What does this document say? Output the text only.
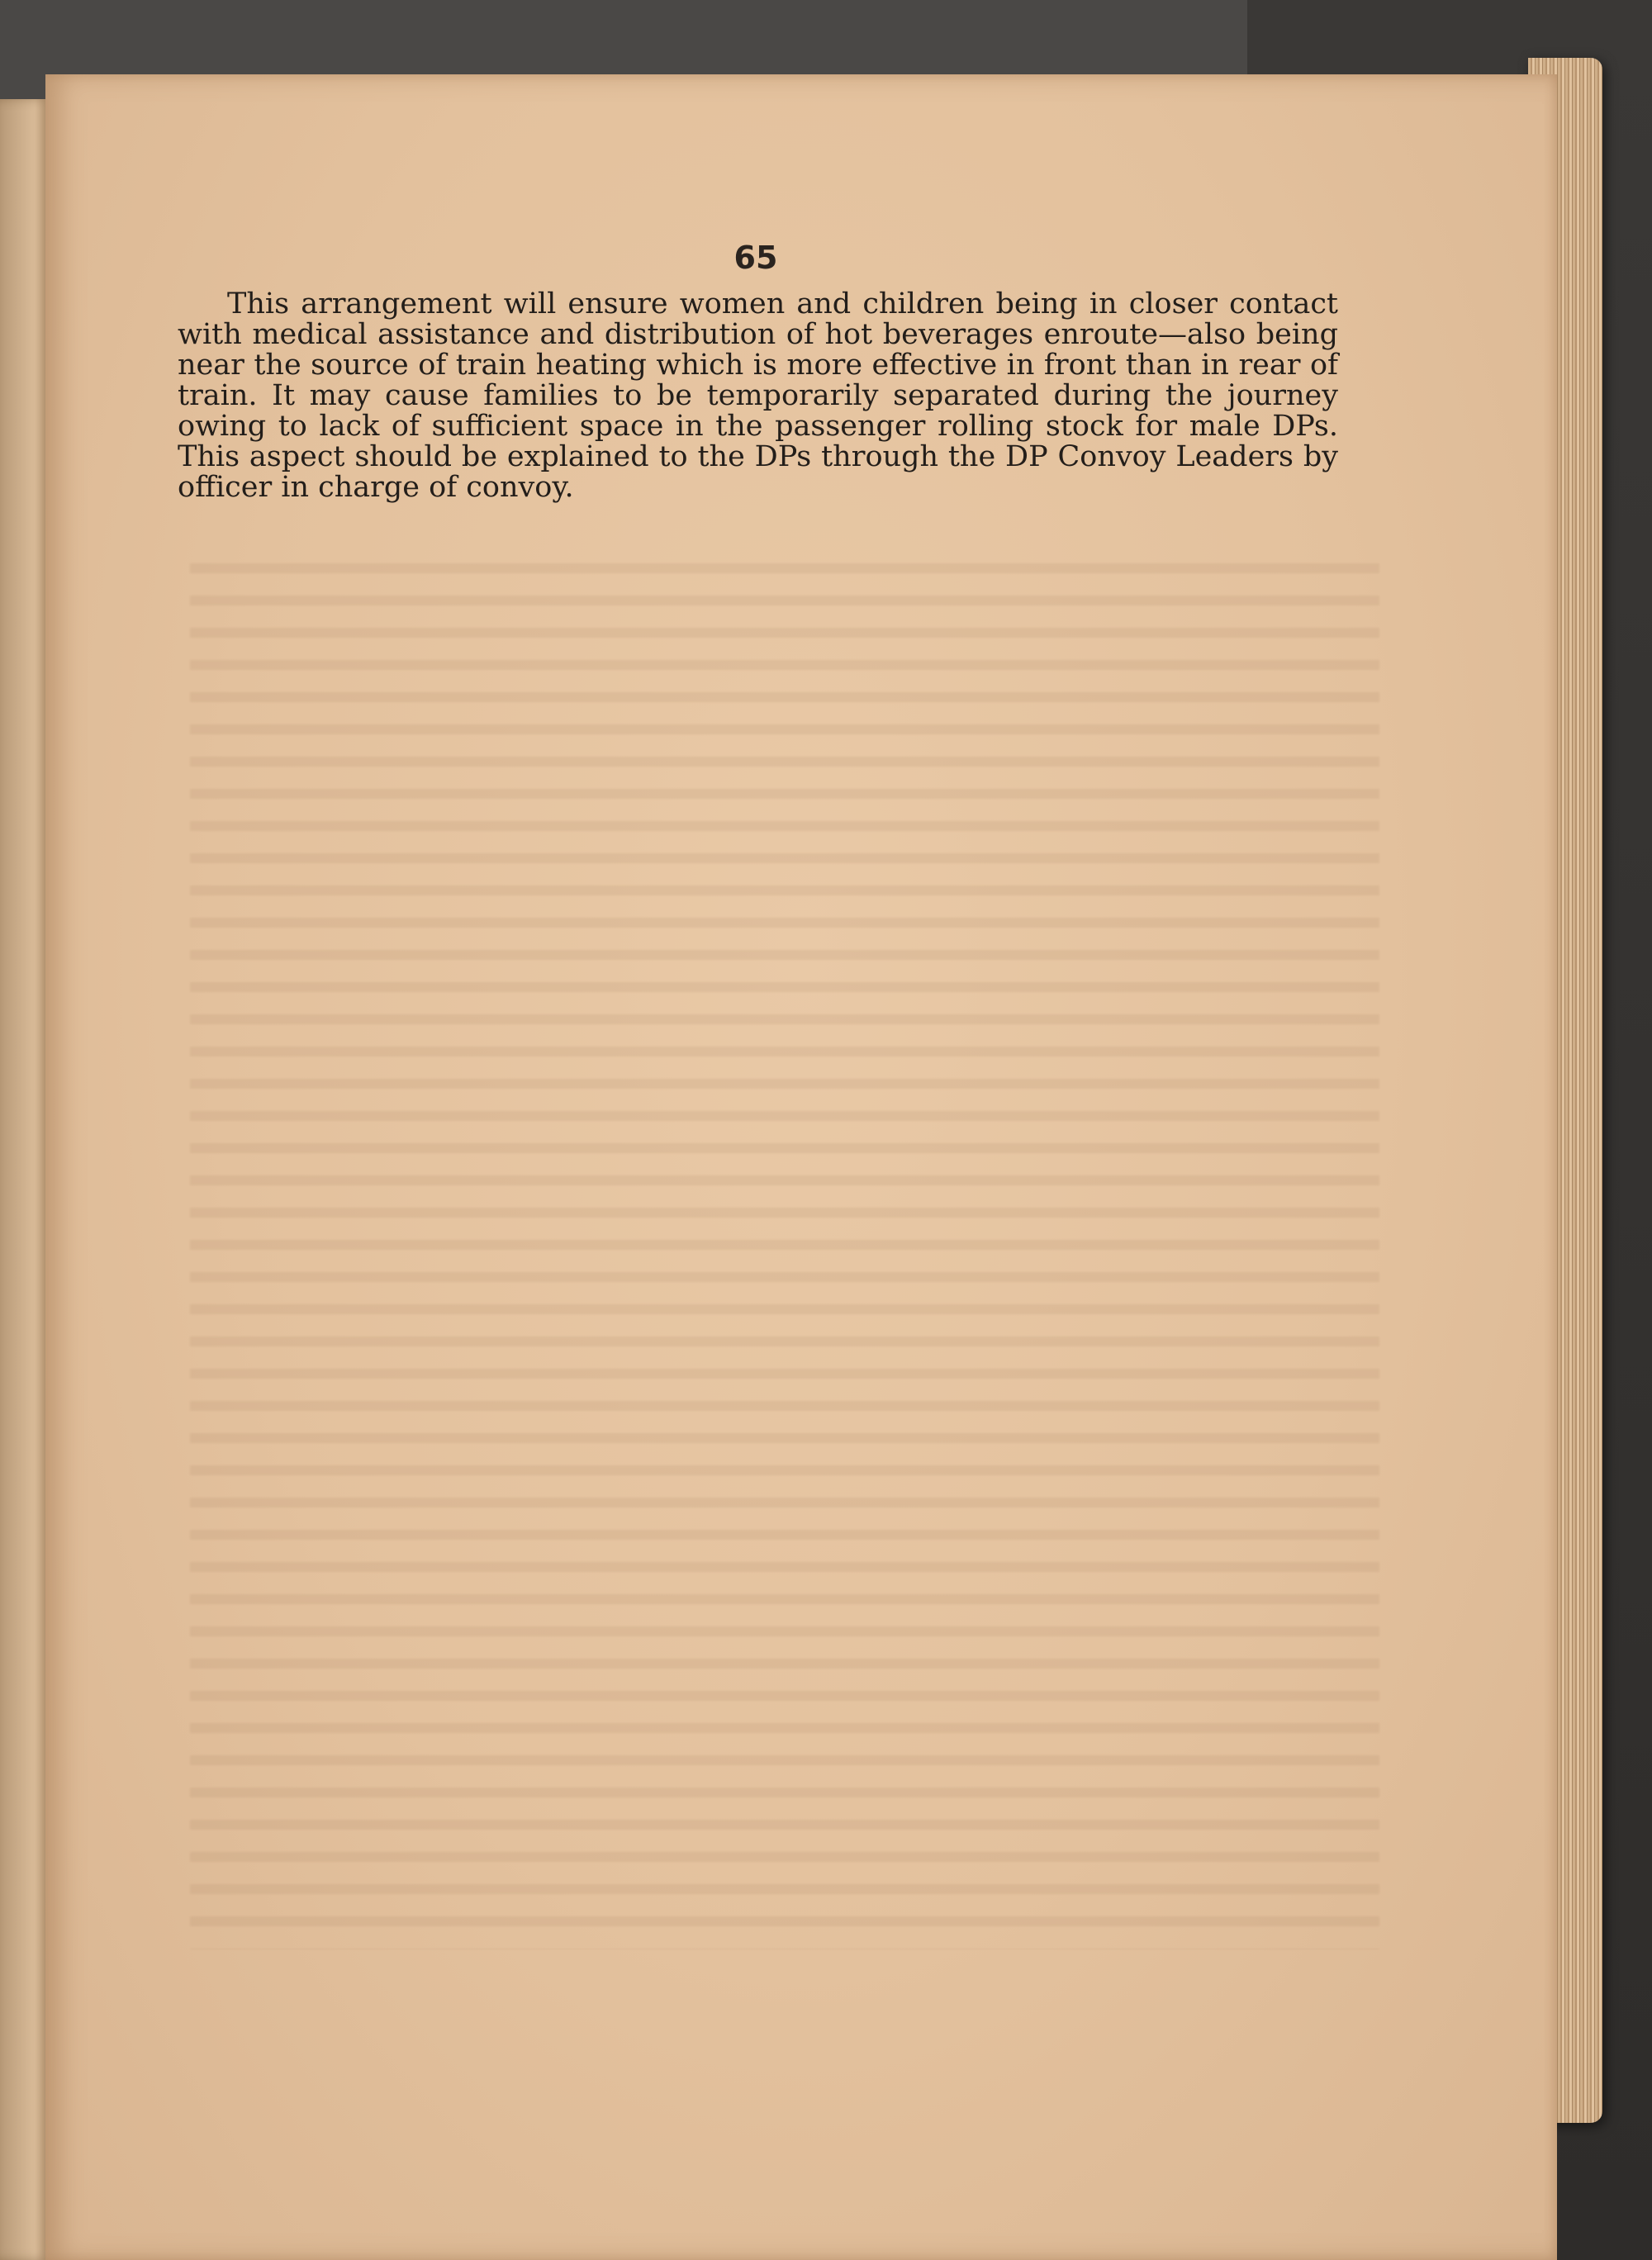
65

This arrangement will ensure women and children being in closer contact with medical assistance and distribution of hot beverages enroute—also being near the source of train heating which is more effective in front than in rear of train. It may cause families to be temporarily separated during the journey owing to lack of sufficient space in the passenger rolling stock for male DPs. This aspect should be explained to the DPs through the DP Convoy Leaders by officer in charge of convoy.
